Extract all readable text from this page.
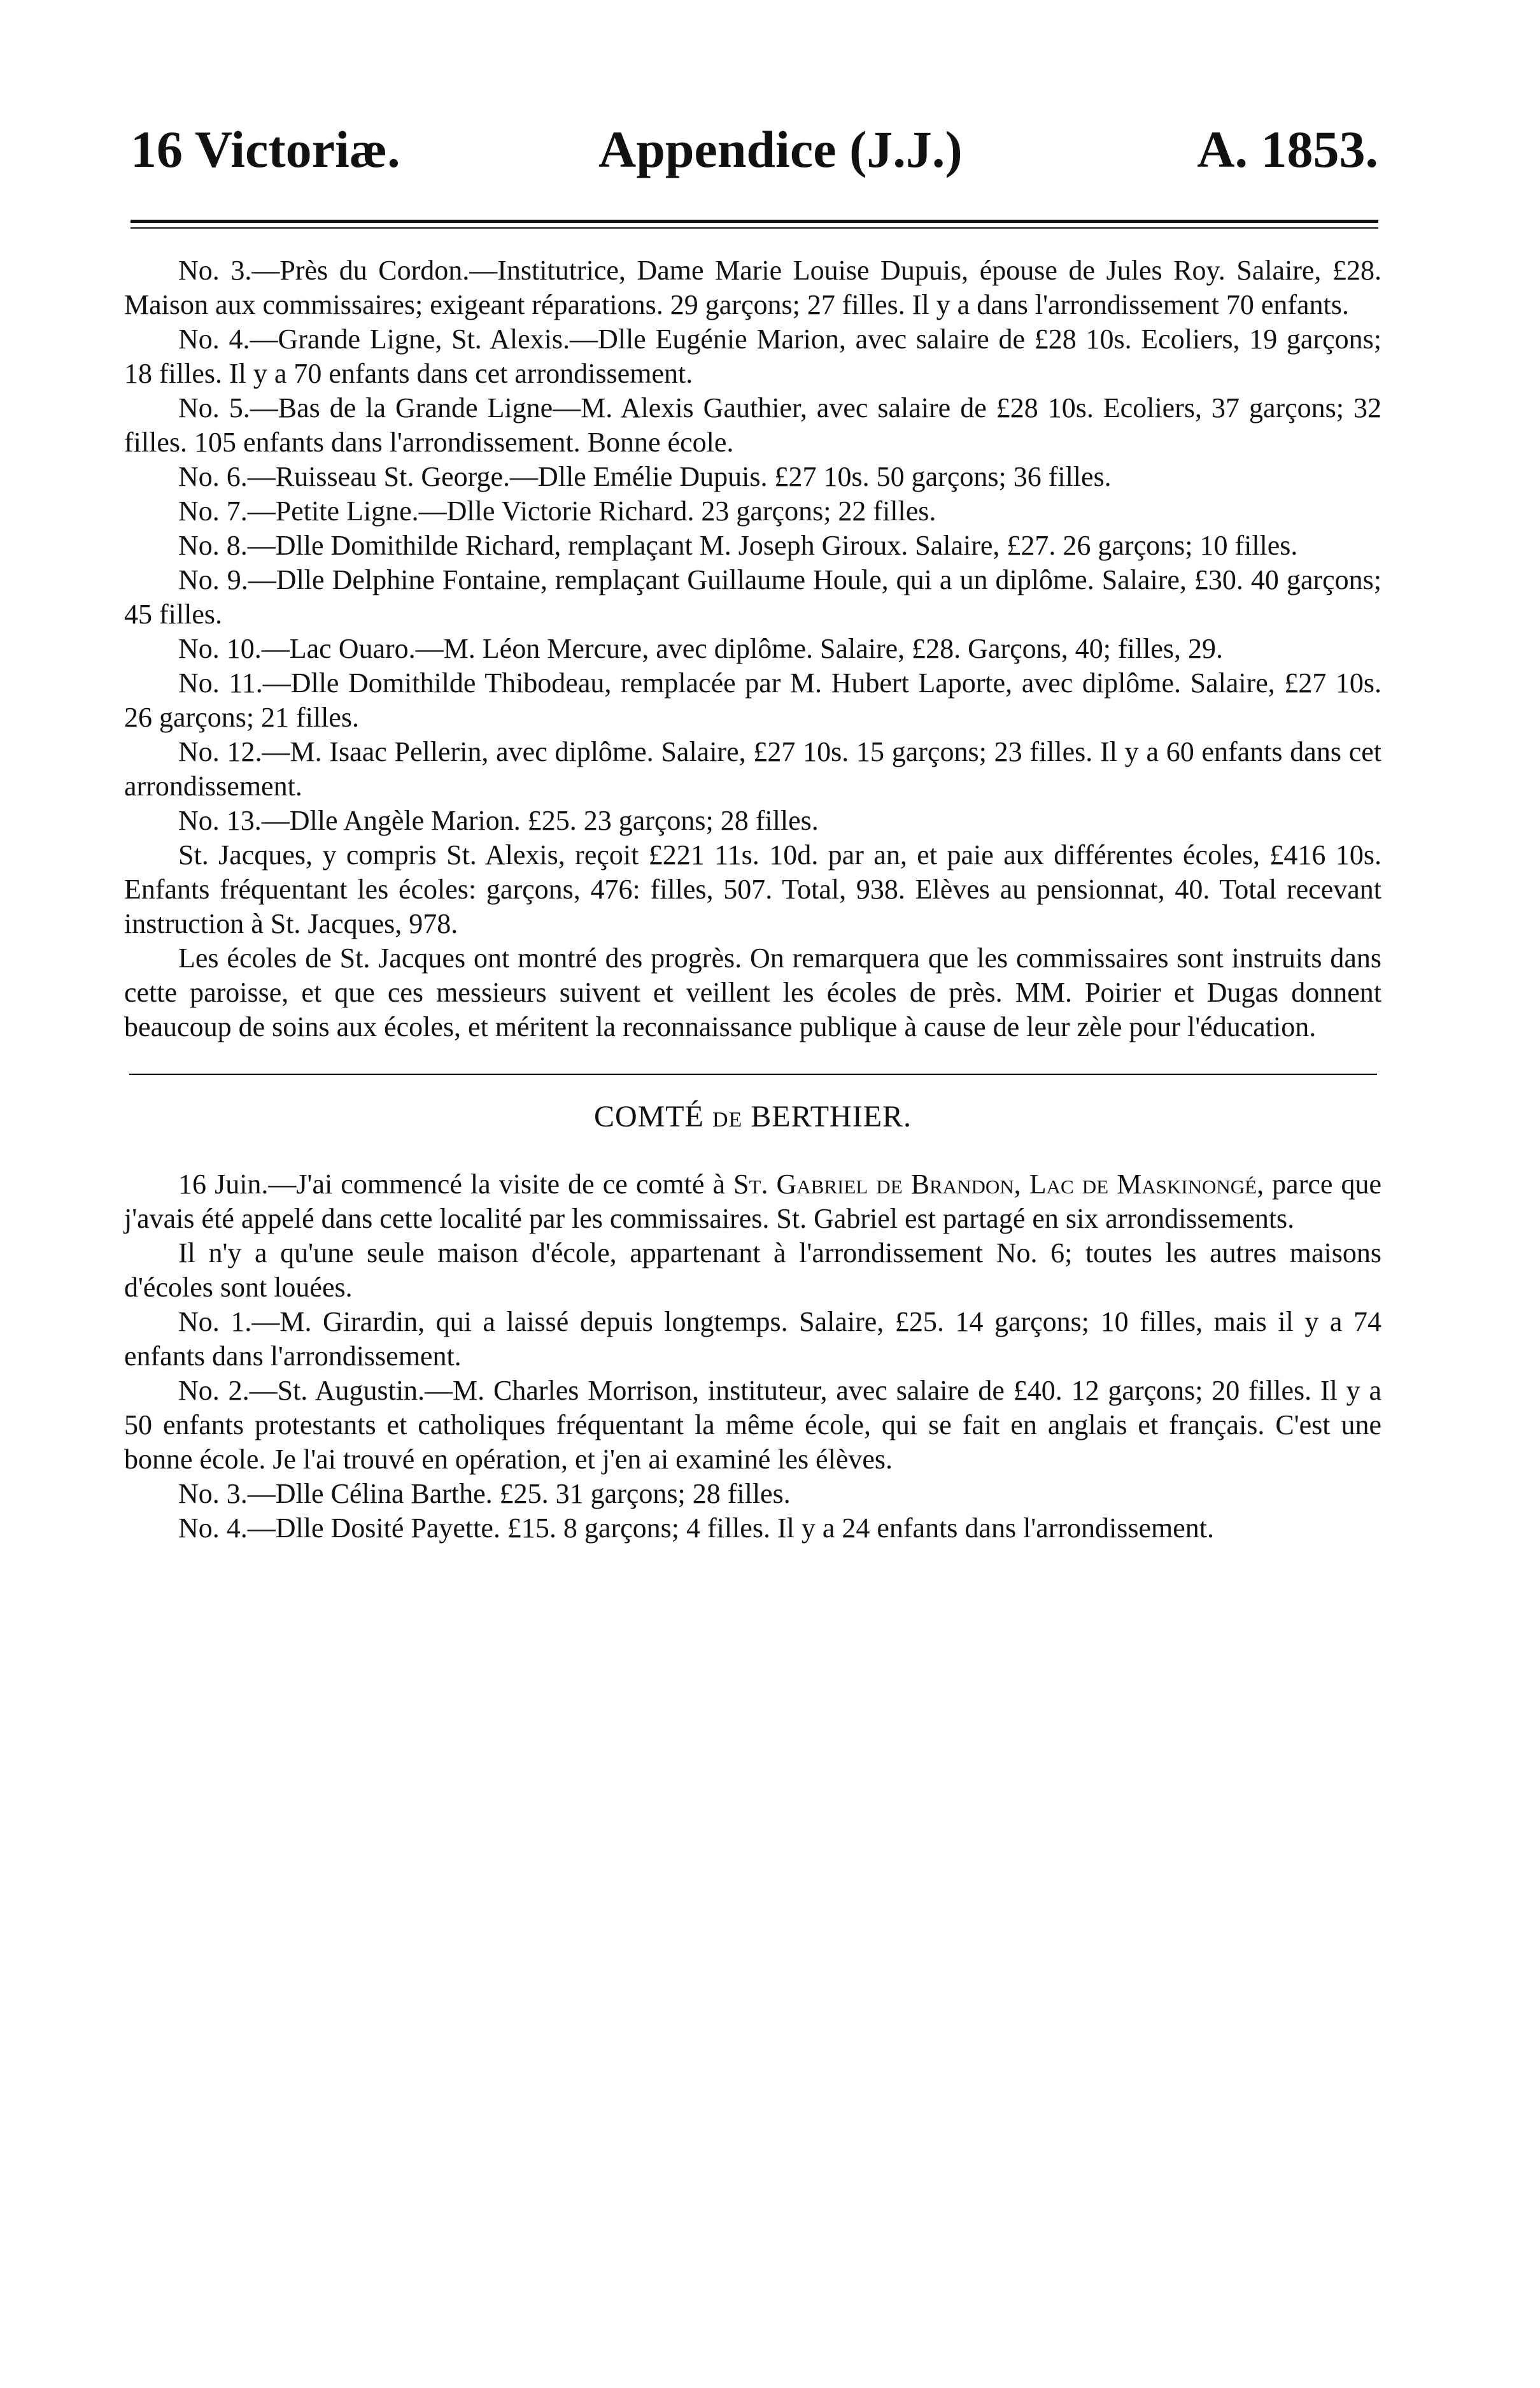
16 Victoriæ.	Appendice (J.J.)	A. 1853.

No. 3.—Près du Cordon.—Institutrice, Dame Marie Louise Dupuis, épouse de Jules Roy. Salaire, £28. Maison aux commissaires; exigeant réparations. 29 garçons; 27 filles. Il y a dans l'arrondissement 70 enfants.

No. 4.—Grande Ligne, St. Alexis.—Dlle Eugénie Marion, avec salaire de £28 10s. Ecoliers, 19 garçons; 18 filles. Il y a 70 enfants dans cet arrondissement.

No. 5.—Bas de la Grande Ligne—M. Alexis Gauthier, avec salaire de £28 10s. Ecoliers, 37 garçons; 32 filles. 105 enfants dans l'arrondissement. Bonne école.

No. 6.—Ruisseau St. George.—Dlle Emélie Dupuis. £27 10s. 50 garçons; 36 filles.

No. 7.—Petite Ligne.—Dlle Victorie Richard. 23 garçons; 22 filles.

No. 8.—Dlle Domithilde Richard, remplaçant M. Joseph Giroux. Salaire, £27. 26 garçons; 10 filles.

No. 9.—Dlle Delphine Fontaine, remplaçant Guillaume Houle, qui a un diplôme. Salaire, £30. 40 garçons; 45 filles.

No. 10.—Lac Ouaro.—M. Léon Mercure, avec diplôme. Salaire, £28. Garçons, 40; filles, 29.

No. 11.—Dlle Domithilde Thibodeau, remplacée par M. Hubert Laporte, avec diplôme. Salaire, £27 10s. 26 garçons; 21 filles.

No. 12.—M. Isaac Pellerin, avec diplôme. Salaire, £27 10s. 15 garçons; 23 filles. Il y a 60 enfants dans cet arrondissement.

No. 13.—Dlle Angèle Marion. £25. 23 garçons; 28 filles.

St. Jacques, y compris St. Alexis, reçoit £221 11s. 10d. par an, et paie aux différentes écoles, £416 10s. Enfants fréquentant les écoles: garçons, 476: filles, 507. Total, 938. Elèves au pensionnat, 40. Total recevant instruction à St. Jacques, 978.

Les écoles de St. Jacques ont montré des progrès. On remarquera que les commissaires sont instruits dans cette paroisse, et que ces messieurs suivent et veillent les écoles de près. MM. Poirier et Dugas donnent beaucoup de soins aux écoles, et méritent la reconnaissance publique à cause de leur zèle pour l'éducation.

COMTÉ DE BERTHIER.

16 Juin.—J'ai commencé la visite de ce comté à St. Gabriel de Brandon, Lac de Maskinongé, parce que j'avais été appelé dans cette localité par les commissaires. St. Gabriel est partagé en six arrondissements.

Il n'y a qu'une seule maison d'école, appartenant à l'arrondissement No. 6; toutes les autres maisons d'écoles sont louées.

No. 1.—M. Girardin, qui a laissé depuis longtemps. Salaire, £25. 14 garçons; 10 filles, mais il y a 74 enfants dans l'arrondissement.

No. 2.—St. Augustin.—M. Charles Morrison, instituteur, avec salaire de £40. 12 garçons; 20 filles. Il y a 50 enfants protestants et catholiques fréquentant la même école, qui se fait en anglais et français. C'est une bonne école. Je l'ai trouvé en opération, et j'en ai examiné les élèves.

No. 3.—Dlle Célina Barthe. £25. 31 garçons; 28 filles.

No. 4.—Dlle Dosité Payette. £15. 8 garçons; 4 filles. Il y a 24 enfants dans l'arrondissement.
